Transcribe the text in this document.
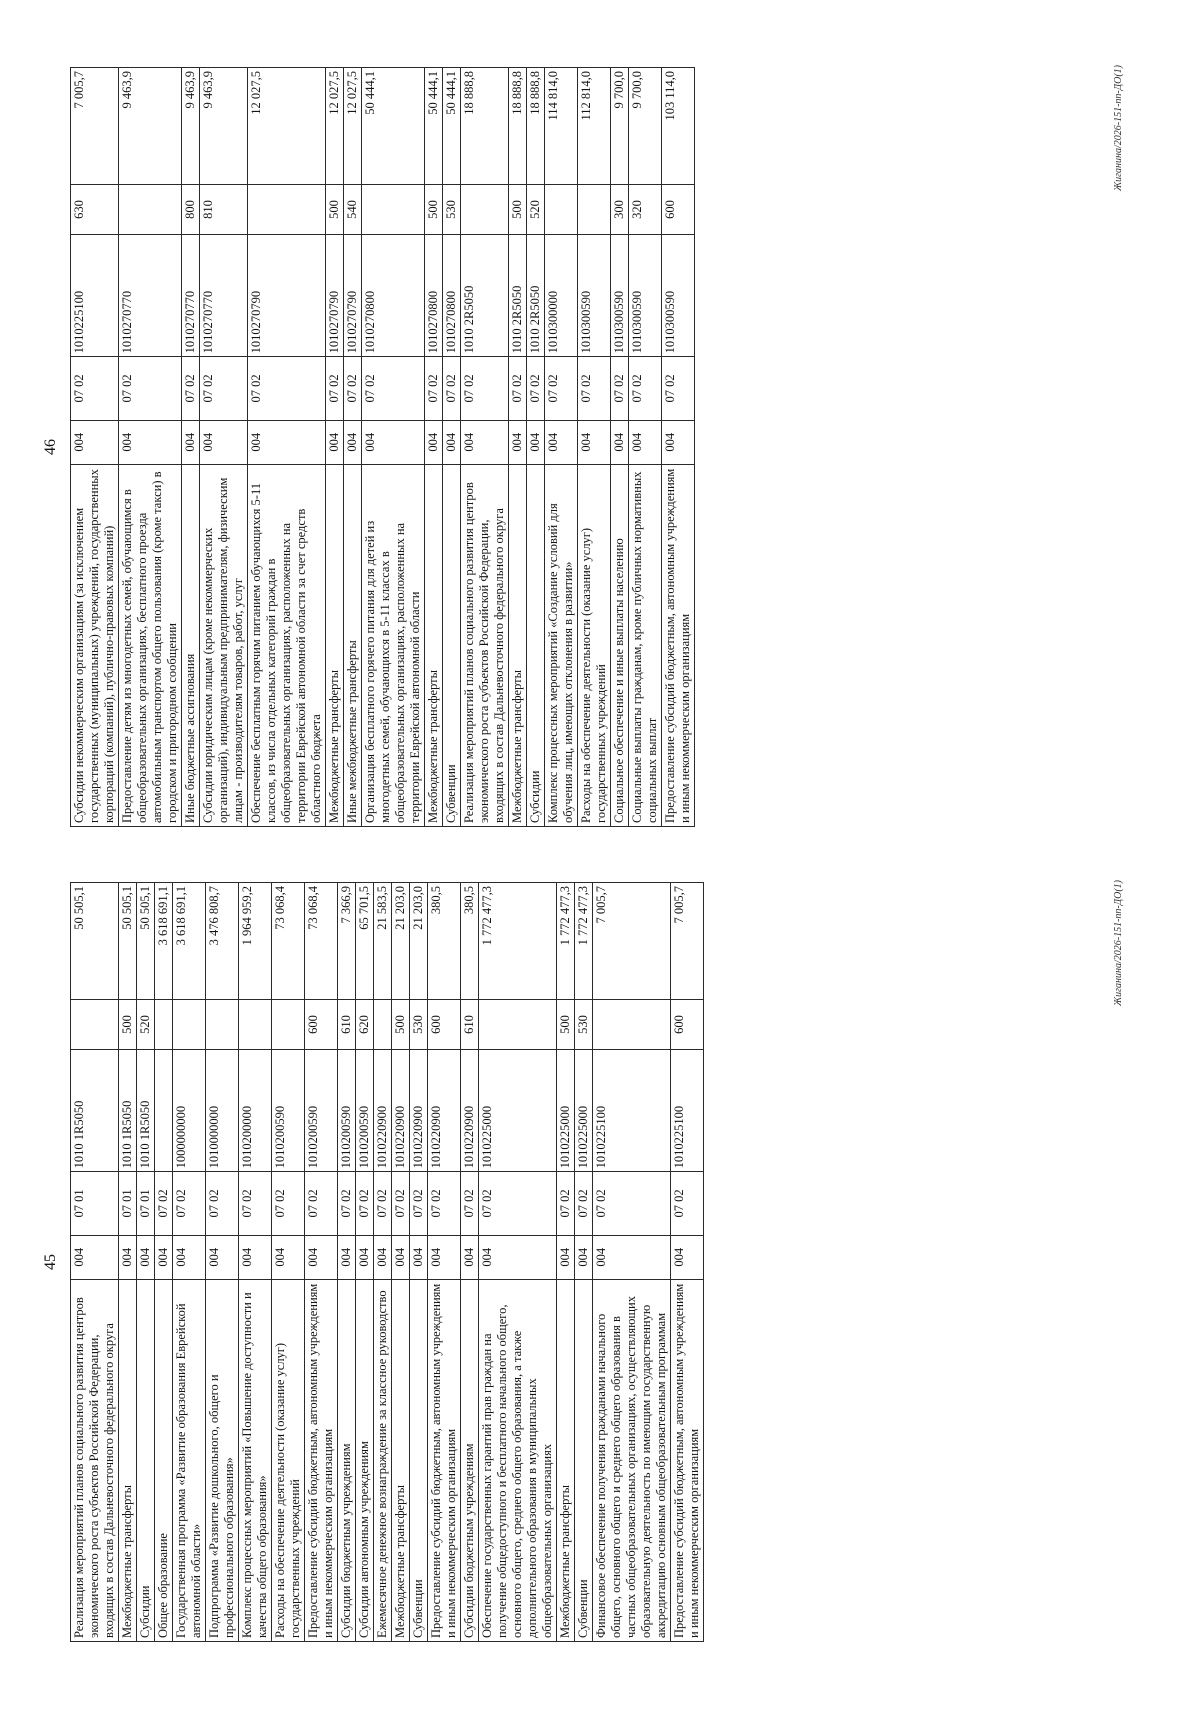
45
Реализация мероприятий планов социального развития центров экономического роста субъектов Российской Федерации, входящих в состав Дальневосточного федерального округа	004	07 01	1010 1R5050		50 505,1
Межбюджетные трансферты	004	07 01	1010 1R5050	500	50 505,1
Субсидии	004	07 01	1010 1R5050	520	50 505,1
Общее образование	004	07 02			3 618 691,1
Государственная программа «Развитие образования Еврейской автономной области»	004	07 02	1000000000		3 618 691,1
Подпрограмма «Развитие дошкольного, общего и профессионального образования»	004	07 02	1010000000		3 476 808,7
Комплекс процессных мероприятий «Повышение доступности и качества общего образования»	004	07 02	1010200000		1 964 959,2
Расходы на обеспечение деятельности (оказание услуг) государственных учреждений	004	07 02	1010200590		73 068,4
Предоставление субсидий бюджетным, автономным учреждениям и иным некоммерческим организациям	004	07 02	1010200590	600	73 068,4
Субсидии бюджетным учреждениям	004	07 02	1010200590	610	7 366,9
Субсидии автономным учреждениям	004	07 02	1010200590	620	65 701,5
Ежемесячное денежное вознаграждение за классное руководство	004	07 02	1010220900		21 583,5
Межбюджетные трансферты	004	07 02	1010220900	500	21 203,0
Субвенции	004	07 02	1010220900	530	21 203,0
Предоставление субсидий бюджетным, автономным учреждениям и иным некоммерческим организациям	004	07 02	1010220900	600	380,5
Субсидии бюджетным учреждениям	004	07 02	1010220900	610	380,5
Обеспечение государственных гарантий прав граждан на получение общедоступного и бесплатного начального общего, основного общего, среднего общего образования, а также дополнительного образования в муниципальных общеобразовательных организациях	004	07 02	1010225000		1 772 477,3
Межбюджетные трансферты	004	07 02	1010225000	500	1 772 477,3
Субвенции	004	07 02	1010225000	530	1 772 477,3
Финансовое обеспечение получения гражданами начального общего, основного общего и среднего общего образования в частных общеобразовательных организациях, осуществляющих образовательную деятельность по имеющим государственную аккредитацию основным общеобразовательным программам	004	07 02	1010225100		7 005,7
Предоставление субсидий бюджетным, автономным учреждениям и иным некоммерческим организациям	004	07 02	1010225100	600	7 005,7	Жиганина/2026-151-пп-ДО(1)
46
Субсидии некоммерческим организациям (за исключением государственных (муниципальных) учреждений, государственных корпораций (компаний), публично-правовых компаний)	004	07 02	1010225100	630	7 005,7
Предоставление детям из многодетных семей, обучающимся в общеобразовательных организациях, бесплатного проезда автомобильным транспортом общего пользования (кроме такси) в городском и пригородном сообщении	004	07 02	1010270770		9 463,9
Иные бюджетные ассигнования	004	07 02	1010270770	800	9 463,9
Субсидии юридическим лицам (кроме некоммерческих организаций), индивидуальным предпринимателям, физическим лицам - производителям товаров, работ, услуг	004	07 02	1010270770	810	9 463,9
Обеспечение бесплатным горячим питанием обучающихся 5-11 классов, из числа отдельных категорий граждан в общеобразовательных организациях, расположенных на территории Еврейской автономной области за счет средств областного бюджета	004	07 02	1010270790		12 027,5
Межбюджетные трансферты	004	07 02	1010270790	500	12 027,5
Иные межбюджетные трансферты	004	07 02	1010270790	540	12 027,5
Организация бесплатного горячего питания для детей из многодетных семей, обучающихся в 5-11 классах в общеобразовательных организациях, расположенных на территории Еврейской автономной области	004	07 02	1010270800		50 444,1
Межбюджетные трансферты	004	07 02	1010270800	500	50 444,1
Субвенции	004	07 02	1010270800	530	50 444,1
Реализация мероприятий планов социального развития центров экономического роста субъектов Российской Федерации, входящих в состав Дальневосточного федерального округа	004	07 02	1010 2R5050		18 888,8
Межбюджетные трансферты	004	07 02	1010 2R5050	500	18 888,8
Субсидии	004	07 02	1010 2R5050	520	18 888,8
Комплекс процессных мероприятий «Создание условий для обучения лиц, имеющих отклонения в развитии»	004	07 02	1010300000		114 814,0
Расходы на обеспечение деятельности (оказание услуг) государственных учреждений	004	07 02	1010300590		112 814,0
Социальное обеспечение и иные выплаты населению	004	07 02	1010300590	300	9 700,0
Социальные выплаты гражданам, кроме публичных нормативных социальных выплат	004	07 02	1010300590	320	9 700,0
Предоставление субсидий бюджетным, автономным учреждениям и иным некоммерческим организациям	004	07 02	1010300590	600	103 114,0	Жиганина/2026-151-пп-ДО(1)
